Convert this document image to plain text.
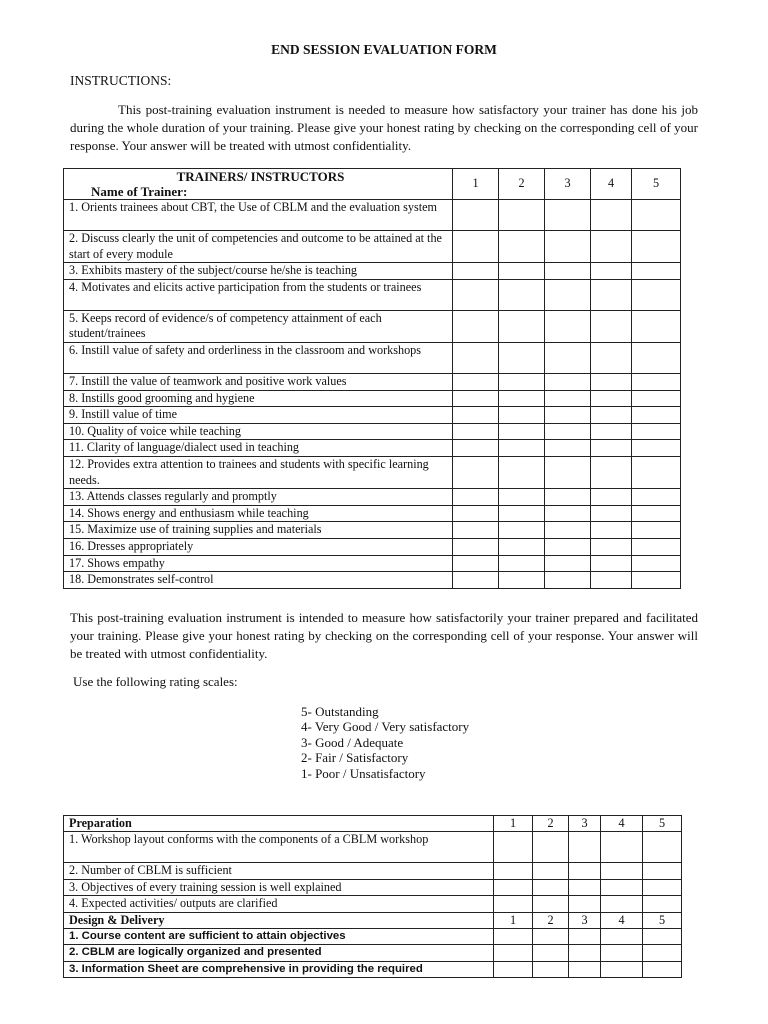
END SESSION EVALUATION FORM
INSTRUCTIONS:
This post-training evaluation instrument is needed to measure how satisfactory your trainer has done his job during the whole duration of your training. Please give your honest rating by checking on the corresponding cell of your response. Your answer will be treated with utmost confidentiality.
TRAINERS/ INSTRUCTORS
Name of Trainer:	1	2	3	4	5
1. Orients trainees about CBT, the Use of CBLM and the evaluation system					
2. Discuss clearly the unit of competencies and outcome to be attained at the start of every module					
3. Exhibits mastery of the subject/course he/she is teaching					
4. Motivates and elicits active participation from the students or trainees					
5. Keeps record of evidence/s of competency attainment of each student/trainees					
6. Instill value of safety and orderliness in the classroom and workshops					
7. Instill the value of teamwork and positive work values					
8. Instills good grooming and hygiene					
9. Instill value of time					
10. Quality of voice while teaching					
11. Clarity of language/dialect used in teaching					
12. Provides extra attention to trainees and students with specific learning needs.					
13. Attends classes regularly and promptly					
14. Shows energy and enthusiasm while teaching					
15. Maximize use of training supplies and materials					
16. Dresses appropriately					
17. Shows empathy					
18. Demonstrates self-control					
This post-training evaluation instrument is intended to measure how satisfactorily your trainer prepared and facilitated your training. Please give your honest rating by checking on the corresponding cell of your response. Your answer will be treated with utmost confidentiality.
Use the following rating scales:
5- Outstanding
4- Very Good / Very satisfactory
3- Good / Adequate
2- Fair / Satisfactory
1- Poor / Unsatisfactory
Preparation	1	2	3	4	5
1. Workshop layout conforms with the components of a CBLM workshop					
2. Number of CBLM is sufficient					
3. Objectives of every training session is well explained					
4. Expected activities/ outputs are clarified					
Design & Delivery	1	2	3	4	5
1. Course content are sufficient to attain objectives					
2. CBLM are logically organized and presented					
3. Information Sheet are comprehensive in providing the required					
